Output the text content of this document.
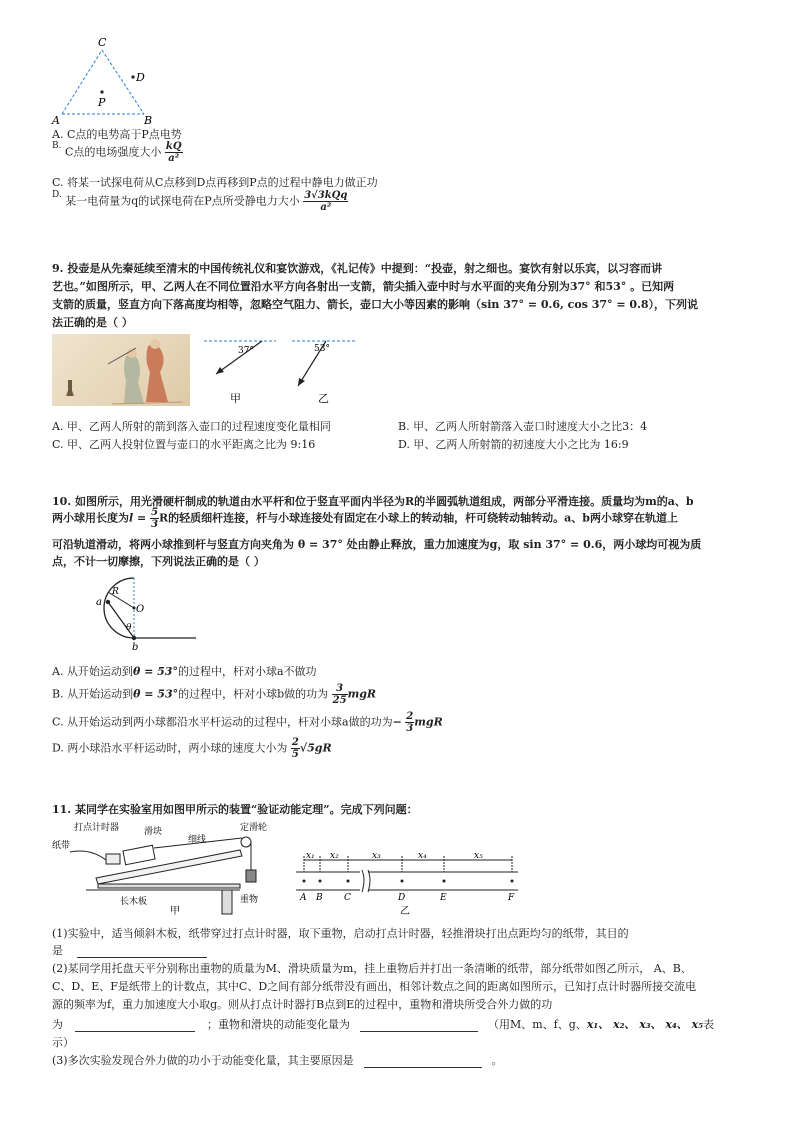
C
D
P
A	B
A. C点的电势高于P点电势
$^{B.}$ C点的电场强度大小 $\frac{kQ}{\text{a²}}$
C. 将某一试探电荷从C点移到D点再移到P点的过程中静电力做正功
$^{D.}$ 某一电荷量为q的试探电荷在P点所受静电力大小 $\frac{\text{3√3kQq}}{\text{a²}}$
9. 投壶是从先秦延续至清末的中国传统礼仪和宴饮游戏，《礼记传》中提到：“投壶，射之细也。宴饮有射以乐宾，以习容而讲
艺也。”如图所示，甲、乙两人在不同位置沿水平方向各射出一支箭，箭尖插入壶中时与水平面的夹角分别为37° 和53° 。已知两
支箭的质量，竖直方向下落高度均相等，忽略空气阻力、箭长，壶口大小等因素的影响（sin 37° = 0.6, cos 37° = 0.8），下列说
法正确的是（ ）
37°
甲
53°
乙
A. 甲、乙两人所射的箭到落入壶口的过程速度变化量相同	B. 甲、乙两人所射箭落入壶口时速度大小之比3：4
C. 甲、乙两人投射位置与壶口的水平距离之比为 9:16	D. 甲、乙两人所射箭的初速度大小之比为 16:9
10. 如图所示，用光滑硬杆制成的轨道由水平杆和位于竖直平面内半径为R的半圆弧轨道组成，两部分平滑连接。质量均为m的a、b
两小球用长度为$l = \frac{5}{3}$ R的轻质细杆连接，杆与小球连接处有固定在小球上的转动轴，杆可绕转动轴转动。a、b两小球穿在轨道上
可沿轨道滑动，将两小球推到杆与竖直方向夹角为 θ = 37° 处由静止释放，重力加速度为g，取 sin 37° = 0.6，两小球均可视为质
点，不计一切摩擦，下列说法正确的是（ ）
a
R
O
θ
b
A. 从开始运动到θ = 53°的过程中，杆对小球a不做功
B. 从开始运动到θ = 53°的过程中，杆对小球b做的功为 $\frac{3}{25}$ mgR
C. 从开始运动到两小球都沿水平杆运动的过程中，杆对小球a做的功为− $\frac{2}{3}$ mgR
D. 两小球沿水平杆运动时，两小球的速度大小为 $\frac{2}{5} √5gR$
11. 某同学在实验室用如图甲所示的装置“验证动能定理”。完成下列问题：
打点计时器	滑块
细线
定滑轮
纸带
长木板	重物
甲
x₁ x₂	x₃	x₄	x₅
A B C	D	E	F
乙
(1)实验中，适当倾斜木板，纸带穿过打点计时器，取下重物，启动打点计时器，轻推滑块打出点距均匀的纸带，其目的
是
(2)某同学用托盘天平分别称出重物的质量为M、滑块质量为m，挂上重物后并打出一条清晰的纸带，部分纸带如图乙所示， A、B、
C、D、E、F是纸带上的计数点，其中C、D之间有部分纸带没有画出，相邻计数点之间的距离如图所示，已知打点计时器所接交流电
源的频率为f，重力加速度大小取g。则从打点计时器打B点到E的过程中，重物和滑块所受合外力做的功
为	；重物和滑块的动能变化量为	（用M、m、f、g、x₁、 x₂、 x₃、 x₄、 x₅表
示）
(3)多次实验发现合外力做的功小于动能变化量，其主要原因是	。
